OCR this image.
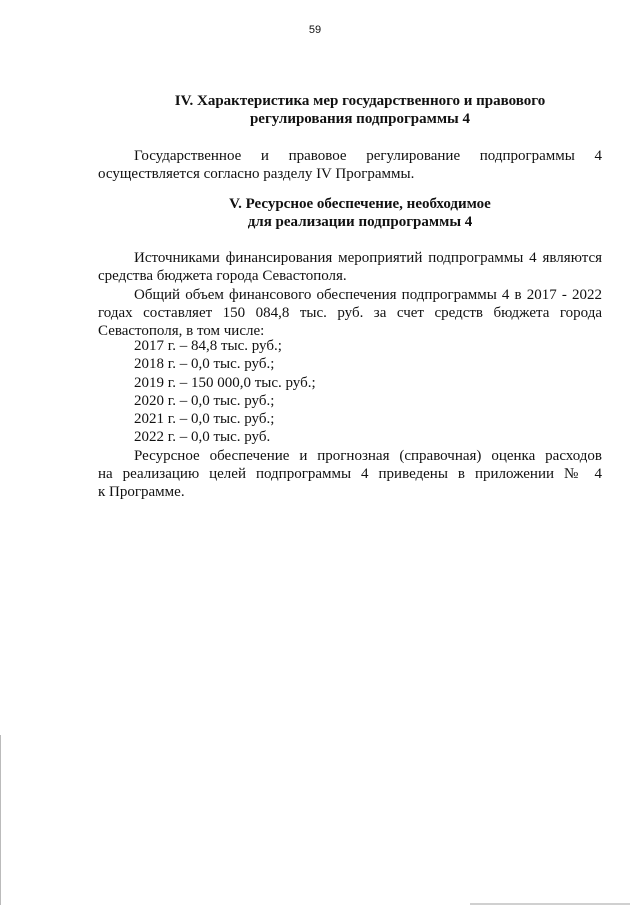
59
IV. Характеристика мер государственного и правового
регулирования подпрограммы 4
Государственное и правовое регулирование подпрограммы 4
осуществляется согласно разделу IV Программы.
V. Ресурсное обеспечение, необходимое
для реализации подпрограммы 4
Источниками финансирования мероприятий подпрограммы 4 являются
средства бюджета города Севастополя.
Общий объем финансового обеспечения подпрограммы 4 в 2017 - 2022
годах составляет 150 084,8 тыс. руб. за счет средств бюджета города
Севастополя, в том числе:
2017 г. – 84,8 тыс. руб.;
2018 г. – 0,0 тыс. руб.;
2019 г. – 150 000,0 тыс. руб.;
2020 г. – 0,0 тыс. руб.;
2021 г. – 0,0 тыс. руб.;
2022 г. – 0,0 тыс. руб.
Ресурсное обеспечение и прогнозная (справочная) оценка расходов
на реализацию целей подпрограммы 4 приведены в приложении № 4
к Программе.
